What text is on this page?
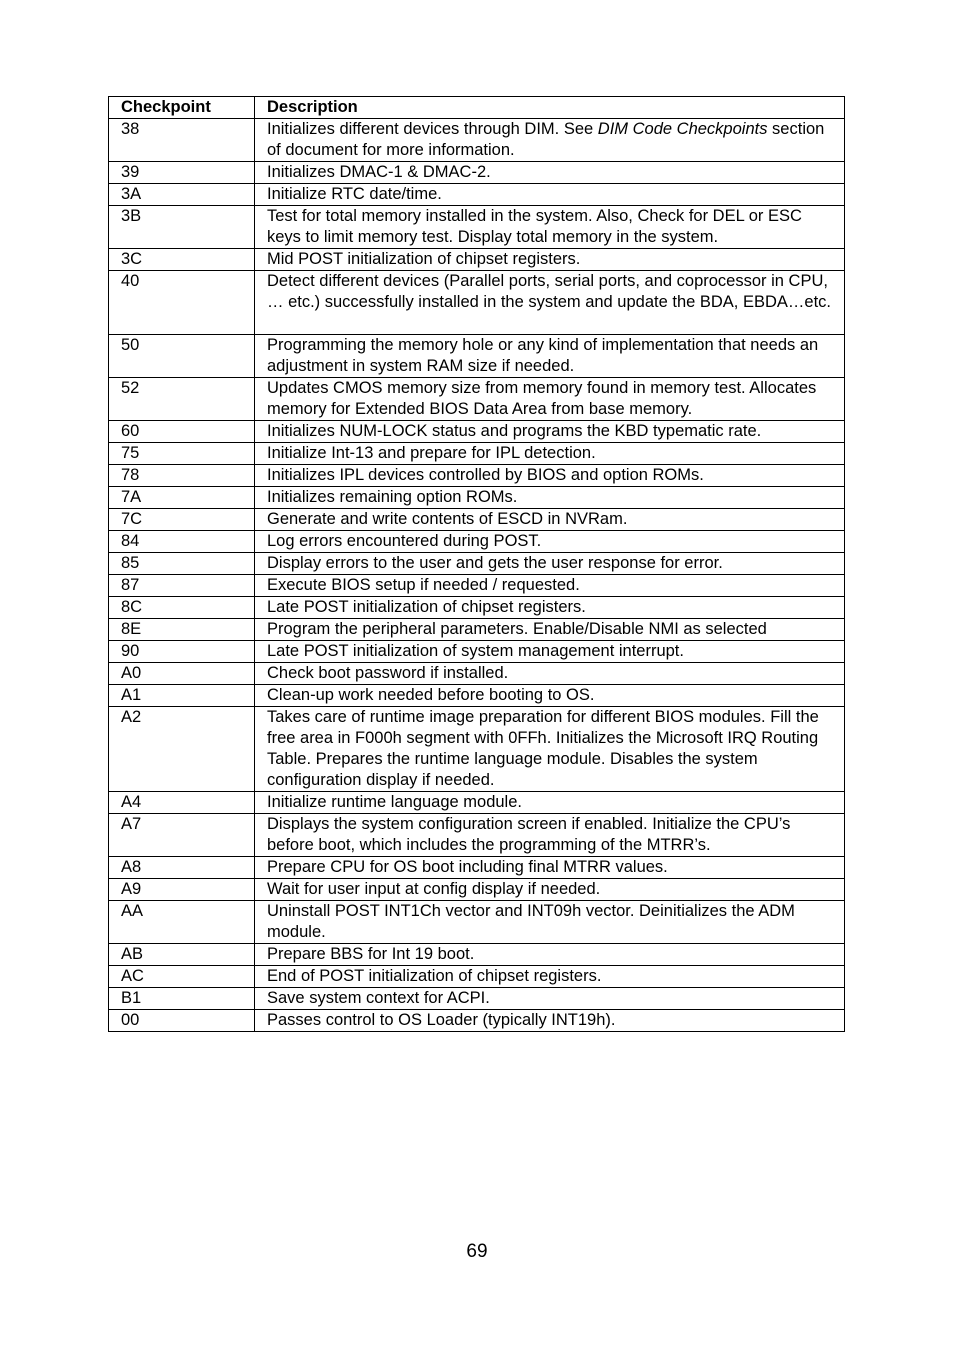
Checkpoint	Description
38	Initializes different devices through DIM. See DIM Code Checkpoints section of document for more information.
39	Initializes DMAC-1 & DMAC-2.
3A	Initialize RTC date/time.
3B	Test for total memory installed in the system. Also, Check for DEL or ESC keys to limit memory test. Display total memory in the system.
3C	Mid POST initialization of chipset registers.
40	Detect different devices (Parallel ports, serial ports, and coprocessor in CPU, … etc.) successfully installed in the system and update the BDA, EBDA…etc.
50	Programming the memory hole or any kind of implementation that needs an adjustment in system RAM size if needed.
52	Updates CMOS memory size from memory found in memory test. Allocates memory for Extended BIOS Data Area from base memory.
60	Initializes NUM-LOCK status and programs the KBD typematic rate.
75	Initialize Int-13 and prepare for IPL detection.
78	Initializes IPL devices controlled by BIOS and option ROMs.
7A	Initializes remaining option ROMs.
7C	Generate and write contents of ESCD in NVRam.
84	Log errors encountered during POST.
85	Display errors to the user and gets the user response for error.
87	Execute BIOS setup if needed / requested.
8C	Late POST initialization of chipset registers.
8E	Program the peripheral parameters. Enable/Disable NMI as selected
90	Late POST initialization of system management interrupt.
A0	Check boot password if installed.
A1	Clean-up work needed before booting to OS.
A2	Takes care of runtime image preparation for different BIOS modules. Fill the free area in F000h segment with 0FFh. Initializes the Microsoft IRQ Routing Table. Prepares the runtime language module. Disables the system configuration display if needed.
A4	Initialize runtime language module.
A7	Displays the system configuration screen if enabled. Initialize the CPU’s before boot, which includes the programming of the MTRR’s.
A8	Prepare CPU for OS boot including final MTRR values.
A9	Wait for user input at config display if needed.
AA	Uninstall POST INT1Ch vector and INT09h vector. Deinitializes the ADM module.
AB	Prepare BBS for Int 19 boot.
AC	End of POST initialization of chipset registers.
B1	Save system context for ACPI.
00	Passes control to OS Loader (typically INT19h).
69
